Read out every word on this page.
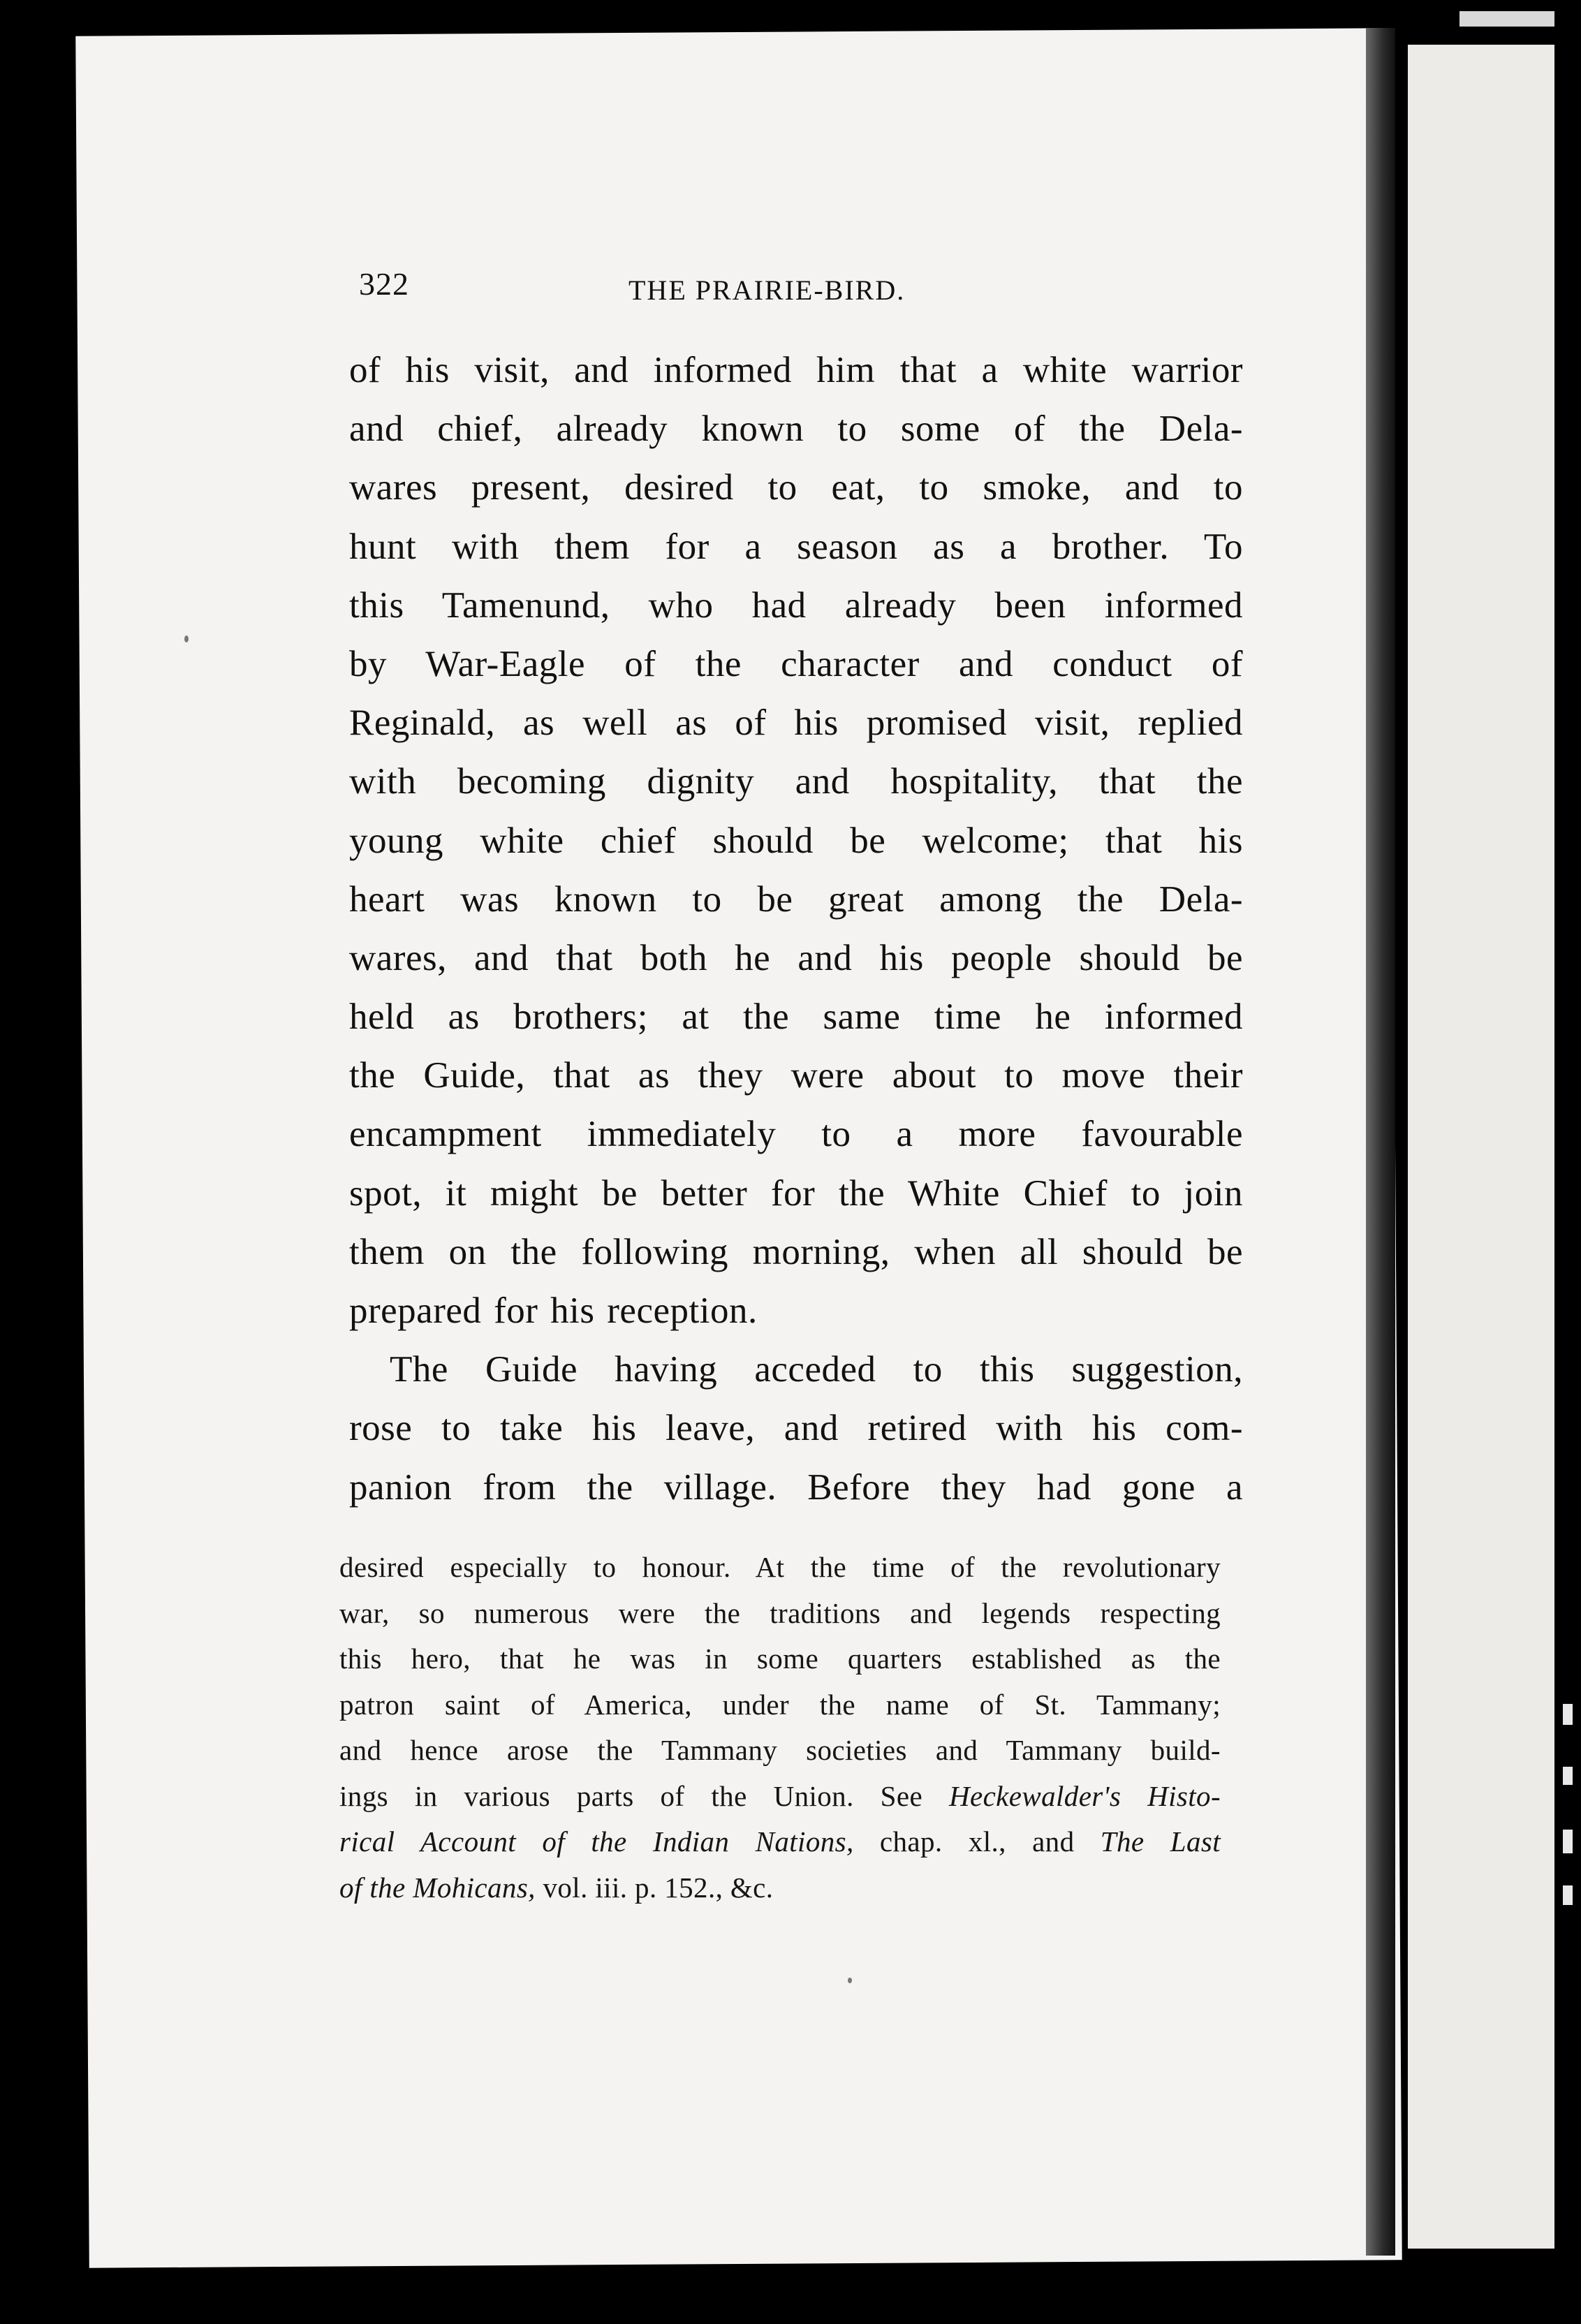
322	THE PRAIRIE-BIRD.
of his visit, and informed him that a white warrior
and chief, already known to some of the Dela-
wares present, desired to eat, to smoke, and to
hunt with them for a season as a brother. To
this Tamenund, who had already been informed
by War-Eagle of the character and conduct of
Reginald, as well as of his promised visit, replied
with becoming dignity and hospitality, that the
young white chief should be welcome; that his
heart was known to be great among the Dela-
wares, and that both he and his people should be
held as brothers; at the same time he informed
the Guide, that as they were about to move their
encampment immediately to a more favourable
spot, it might be better for the White Chief to join
them on the following morning, when all should be
prepared for his reception.
The Guide having acceded to this suggestion,
rose to take his leave, and retired with his com-
panion from the village. Before they had gone a
desired especially to honour. At the time of the revolutionary
war, so numerous were the traditions and legends respecting
this hero, that he was in some quarters established as the
patron saint of America, under the name of St. Tammany;
and hence arose the Tammany societies and Tammany build-
ings in various parts of the Union. See Heckewalder's Histo-
rical Account of the Indian Nations, chap. xl., and The Last
of the Mohicans, vol. iii. p. 152., &c.
